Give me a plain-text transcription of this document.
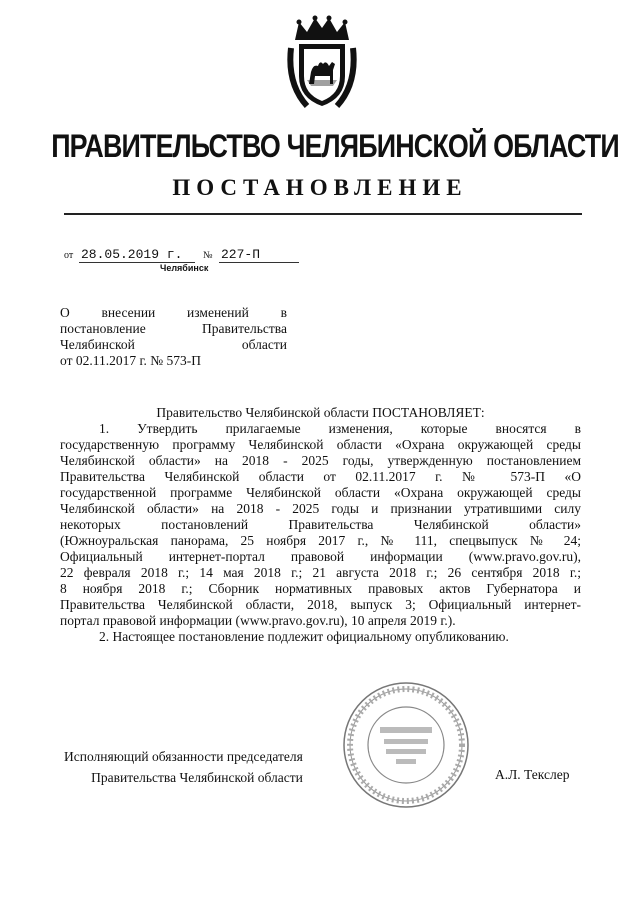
ПРАВИТЕЛЬСТВО ЧЕЛЯБИНСКОЙ ОБЛАСТИ
ПОСТАНОВЛЕНИЕ
от 28.05.2019 г.	№ 227-П
Челябинск
О внесении изменений в
постановление Правительства
Челябинской области
от 02.11.2017 г. № 573-П
Правительство Челябинской области ПОСТАНОВЛЯЕТ:
1. Утвердить прилагаемые изменения, которые вносятся в
государственную программу Челябинской области «Охрана окружающей среды
Челябинской области» на 2018 - 2025 годы, утвержденную постановлением
Правительства Челябинской области от 02.11.2017 г. № 573-П «О
государственной программе Челябинской области «Охрана окружающей среды
Челябинской области» на 2018 - 2025 годы и признании утратившими силу
некоторых постановлений Правительства Челябинской области»
(Южноуральская панорама, 25 ноября 2017 г., № 111, спецвыпуск № 24;
Официальный интернет-портал правовой информации (www.pravo.gov.ru),
22 февраля 2018 г.; 14 мая 2018 г.; 21 августа 2018 г.; 26 сентября 2018 г.;
8 ноября 2018 г.; Сборник нормативных правовых актов Губернатора и
Правительства Челябинской области, 2018, выпуск 3; Официальный интернет-
портал правовой информации (www.pravo.gov.ru), 10 апреля 2019 г.).
2. Настоящее постановление подлежит официальному опубликованию.
Исполняющий обязанности председателя
Правительства Челябинской области	А.Л. Текслер
